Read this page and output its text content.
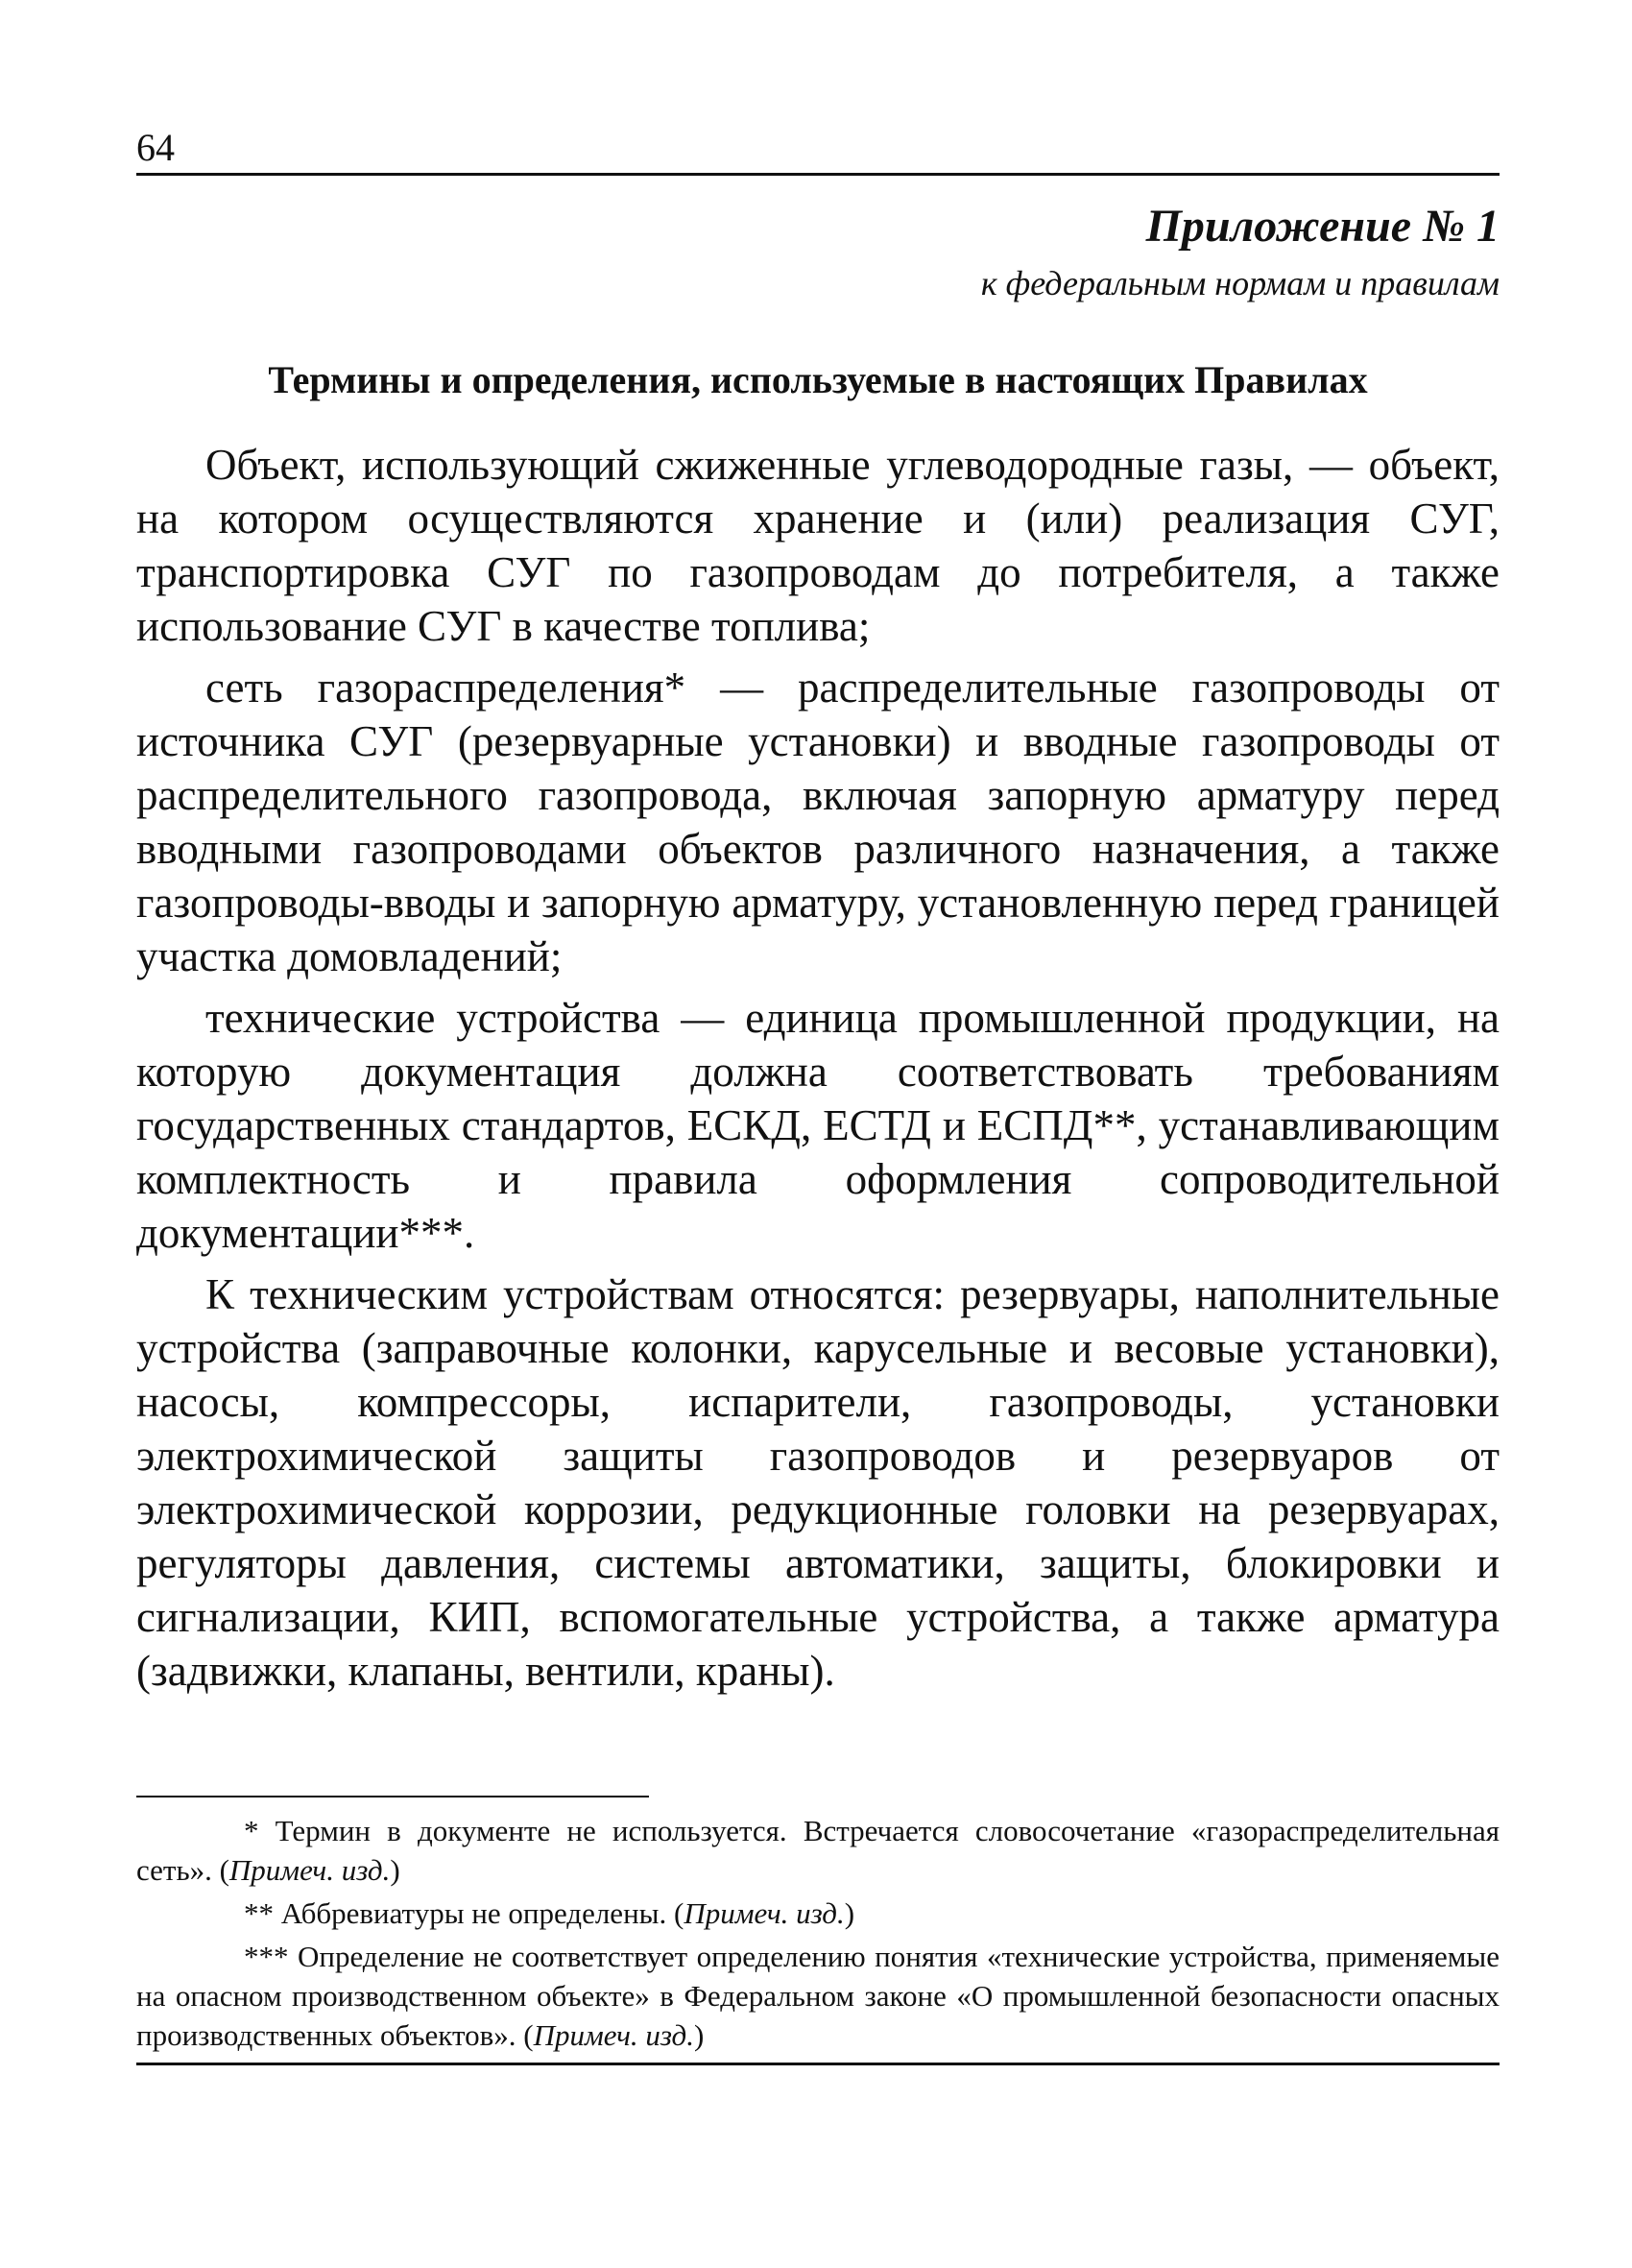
64
Приложение № 1
к федеральным нормам и правилам
Термины и определения, используемые в настоящих Правилах

Объект, использующий сжиженные углеводородные газы, — объект, на котором осуществляются хранение и (или) реализация СУГ, транспортировка СУГ по газопроводам до потребителя, а также использование СУГ в качестве топлива;

сеть газораспределения* — распределительные газопроводы от источника СУГ (резервуарные установки) и вводные газопроводы от распределительного газопровода, включая запорную арматуру перед вводными газопроводами объектов различного назначения, а также газопроводы-вводы и запорную арматуру, установленную перед границей участка домовладений;

технические устройства — единица промышленной продукции, на которую документация должна соответствовать требованиям государственных стандартов, ЕСКД, ЕСТД и ЕСПД**, устанавливающим комплектность и правила оформления сопроводительной документации***.

К техническим устройствам относятся: резервуары, наполнительные устройства (заправочные колонки, карусельные и весовые установки), насосы, компрессоры, испарители, газопроводы, установки электрохимической защиты газопроводов и резервуаров от электрохимической коррозии, редукционные головки на резервуарах, регуляторы давления, системы автоматики, защиты, блокировки и сигнализации, КИП, вспомогательные устройства, а также арматура (задвижки, клапаны, вентили, краны).

* Термин в документе не используется. Встречается словосочетание «газораспределительная сеть». (Примеч. изд.)

** Аббревиатуры не определены. (Примеч. изд.)

*** Определение не соответствует определению понятия «технические устройства, применяемые на опасном производственном объекте» в Федеральном законе «О промышленной безопасности опасных производственных объектов». (Примеч. изд.)
